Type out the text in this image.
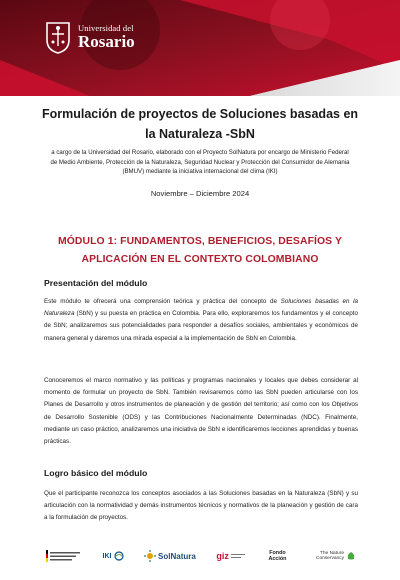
Universidad del
Rosario
Formulación de proyectos de Soluciones basadas en la Naturaleza -SbN
a cargo de la Universidad del Rosario, elaborado con el Proyecto SolNatura por encargo de Ministerio Federal de Medio Ambiente, Protección de la Naturaleza, Seguridad Nuclear y Protección del Consumidor de Alemania (BMUV) mediante la iniciativa internacional del clima (IKI)
Noviembre – Diciembre 2024
MÓDULO 1: FUNDAMENTOS, BENEFICIOS, DESAFÍOS Y APLICACIÓN EN EL CONTEXTO COLOMBIANO
Presentación del módulo
Este módulo te ofrecerá una comprensión teórica y práctica del concepto de Soluciones basadas en la Naturaleza (SbN) y su puesta en práctica en Colombia. Para ello, exploraremos los fundamentos y el concepto de SbN; analizaremos sus potencialidades para responder a desafíos sociales, ambientales y económicos de manera general y daremos una mirada especial a la implementación de SbN en Colombia.
Conoceremos el marco normativo y las políticas y programas nacionales y locales que debes considerar al momento de formular un proyecto de SbN. También revisaremos cómo las SbN pueden articularse con los Planes de Desarrollo y otros instrumentos de planeación y de gestión del territorio; así como con los Objetivos de Desarrollo Sostenible (ODS) y las Contribuciones Nacionalmente Determinadas (NDC). Finalmente, mediante un caso práctico, analizaremos una iniciativa de SbN e identificaremos lecciones aprendidas y buenas prácticas.
Logro básico del módulo
Que el participante reconozca los conceptos asociados a las Soluciones basadas en la Naturaleza (SbN) y su articulación con la normatividad y demás instrumentos técnicos y normativos de la planeación y gestión de cara a la formulación de proyectos.
IKI	SolNatura giz	Fondo Acción
The Nature Conservancy
